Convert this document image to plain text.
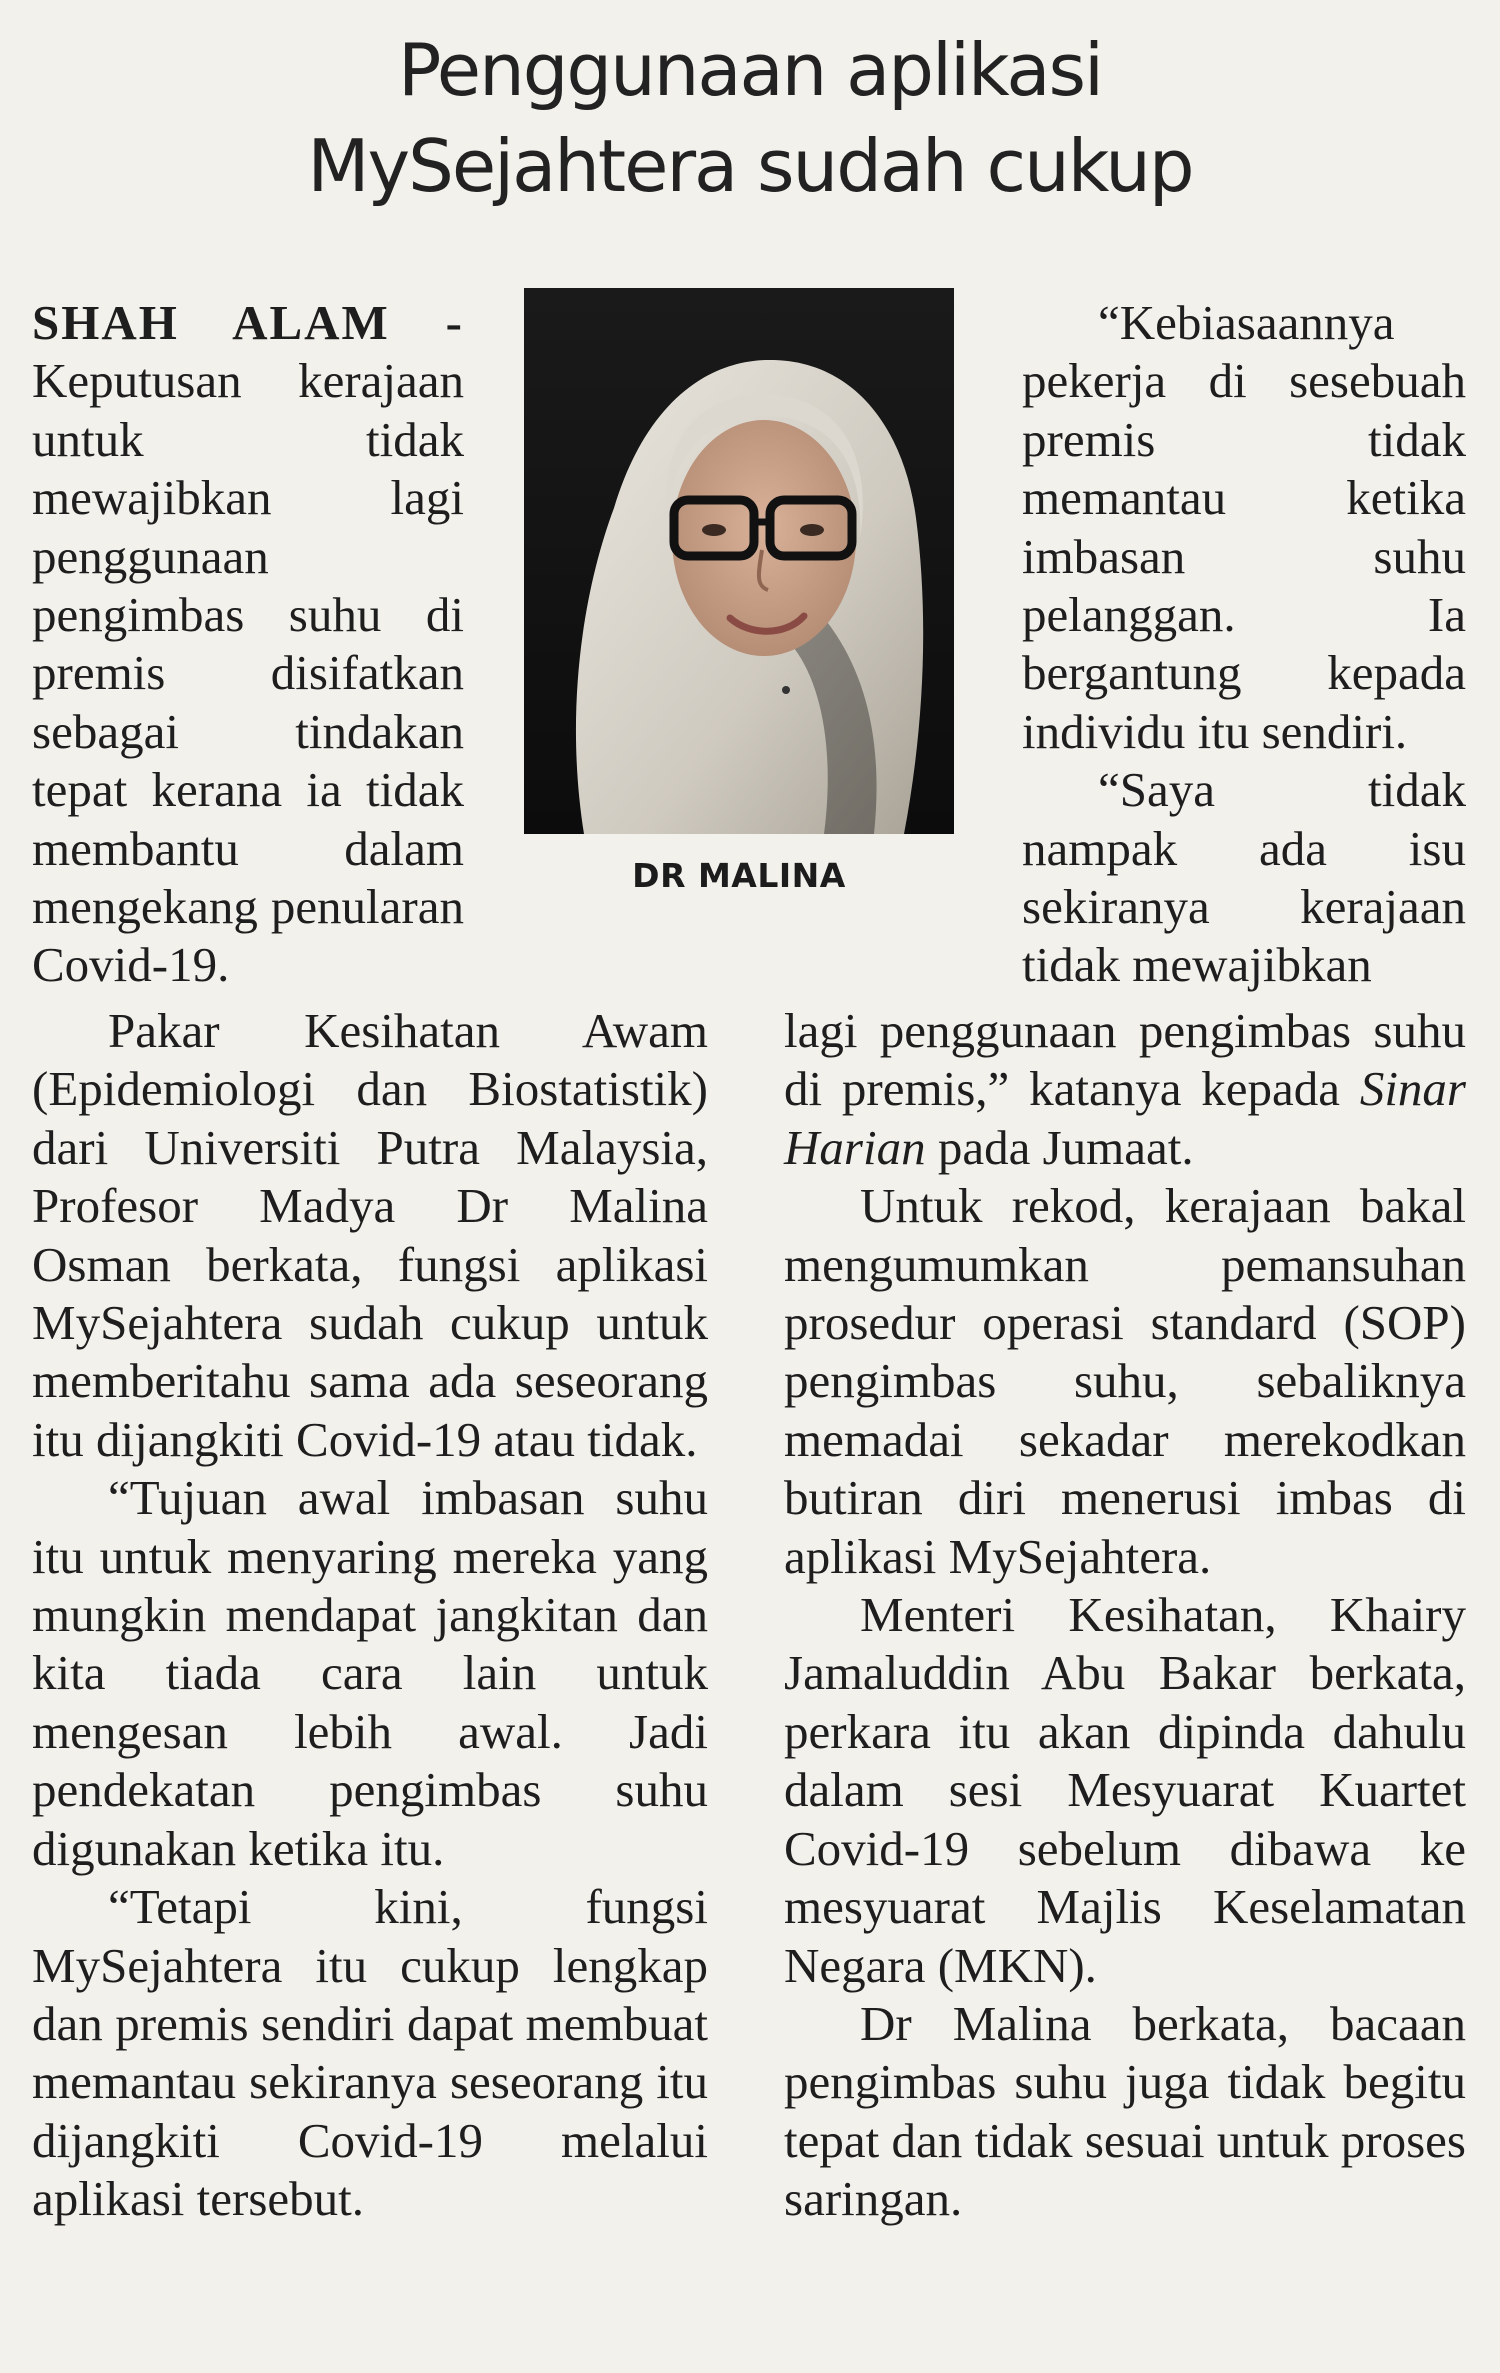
Penggunaan aplikasi
MySejahtera sudah cukup

SHAH ALAM - Keputusan kerajaan untuk tidak mewajibkan lagi penggunaan pengimbas suhu di premis disifatkan sebagai tindakan tepat kerana ia tidak membantu dalam mengekang penularan Covid-19.

DR MALINA

“Kebiasaannya pekerja di sesebuah premis tidak memantau ketika imbasan suhu pelanggan. Ia bergantung kepada individu itu sendiri.

“Saya tidak nampak ada isu sekiranya kerajaan tidak mewajibkan

Pakar Kesihatan Awam (Epidemiologi dan Biostatistik) dari Universiti Putra Malaysia, Profesor Madya Dr Malina Osman berkata, fungsi aplikasi MySejahtera sudah cukup untuk memberitahu sama ada seseorang itu dijangkiti Covid-19 atau tidak.

“Tujuan awal imbasan suhu itu untuk menyaring mereka yang mungkin mendapat jangkitan dan kita tiada cara lain untuk mengesan lebih awal. Jadi pendekatan pengimbas suhu digunakan ketika itu.

“Tetapi kini, fungsi MySejahtera itu cukup lengkap dan premis sendiri dapat membuat memantau sekiranya seseorang itu dijangkiti Covid-19 melalui aplikasi tersebut.

lagi penggunaan pengimbas suhu di premis,” katanya kepada Sinar Harian pada Jumaat.

Untuk rekod, kerajaan bakal mengumumkan pemansuhan prosedur operasi standard (SOP) pengimbas suhu, sebaliknya memadai sekadar merekodkan butiran diri menerusi imbas di aplikasi MySejahtera.

Menteri Kesihatan, Khairy Jamaluddin Abu Bakar berkata, perkara itu akan dipinda dahulu dalam sesi Mesyuarat Kuartet Covid-19 sebelum dibawa ke mesyuarat Majlis Keselamatan Negara (MKN).

Dr Malina berkata, bacaan pengimbas suhu juga tidak begitu tepat dan tidak sesuai untuk proses saringan.
